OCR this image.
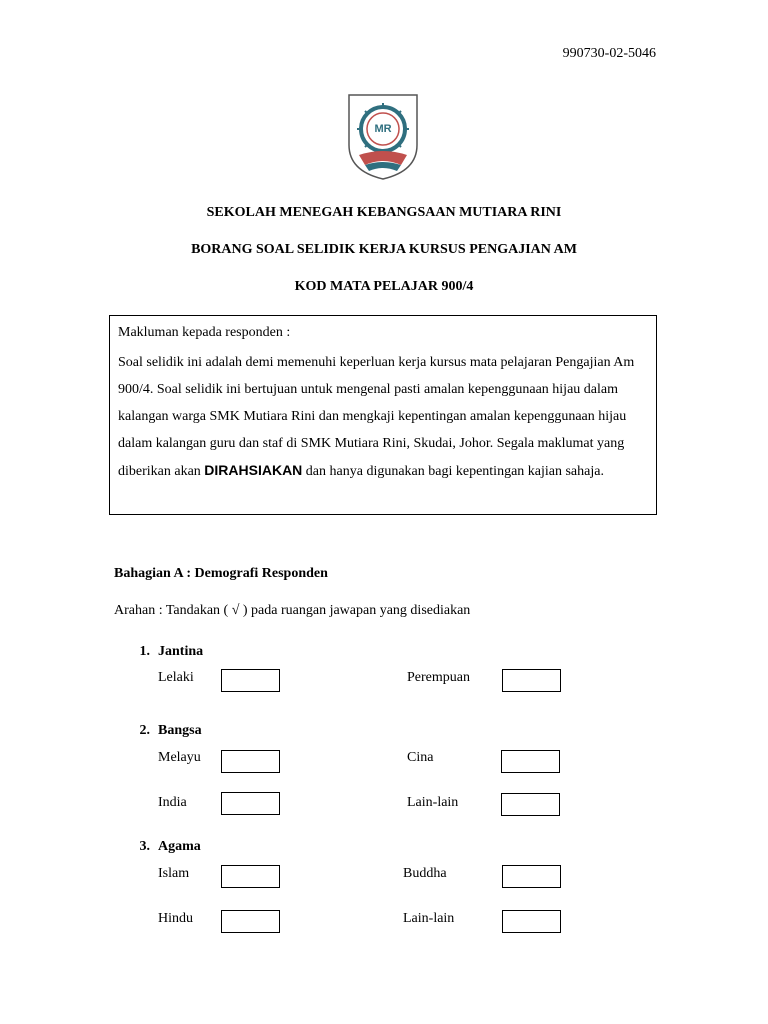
990730-02-5046
MR
SEKOLAH MENEGAH KEBANGSAAN MUTIARA RINI
BORANG SOAL SELIDIK KERJA KURSUS PENGAJIAN AM
KOD MATA PELAJAR 900/4

Makluman kepada responden :

Soal selidik ini adalah demi memenuhi keperluan kerja kursus mata pelajaran Pengajian Am 900/4. Soal selidik ini bertujuan untuk mengenal pasti amalan kepenggunaan hijau dalam kalangan warga SMK Mutiara Rini dan mengkaji kepentingan amalan kepenggunaan hijau dalam kalangan guru dan staf di SMK Mutiara Rini, Skudai, Johor. Segala maklumat yang diberikan akan DIRAHSIAKAN dan hanya digunakan bagi kepentingan kajian sahaja.

Bahagian A : Demografi Responden
Arahan : Tandakan ( √ ) pada ruangan jawapan yang disediakan
1. Jantina
Lelaki	Perempuan
2. Bangsa
Melayu	Cina
India	Lain-lain
3. Agama
Islam	Buddha
Hindu	Lain-lain
